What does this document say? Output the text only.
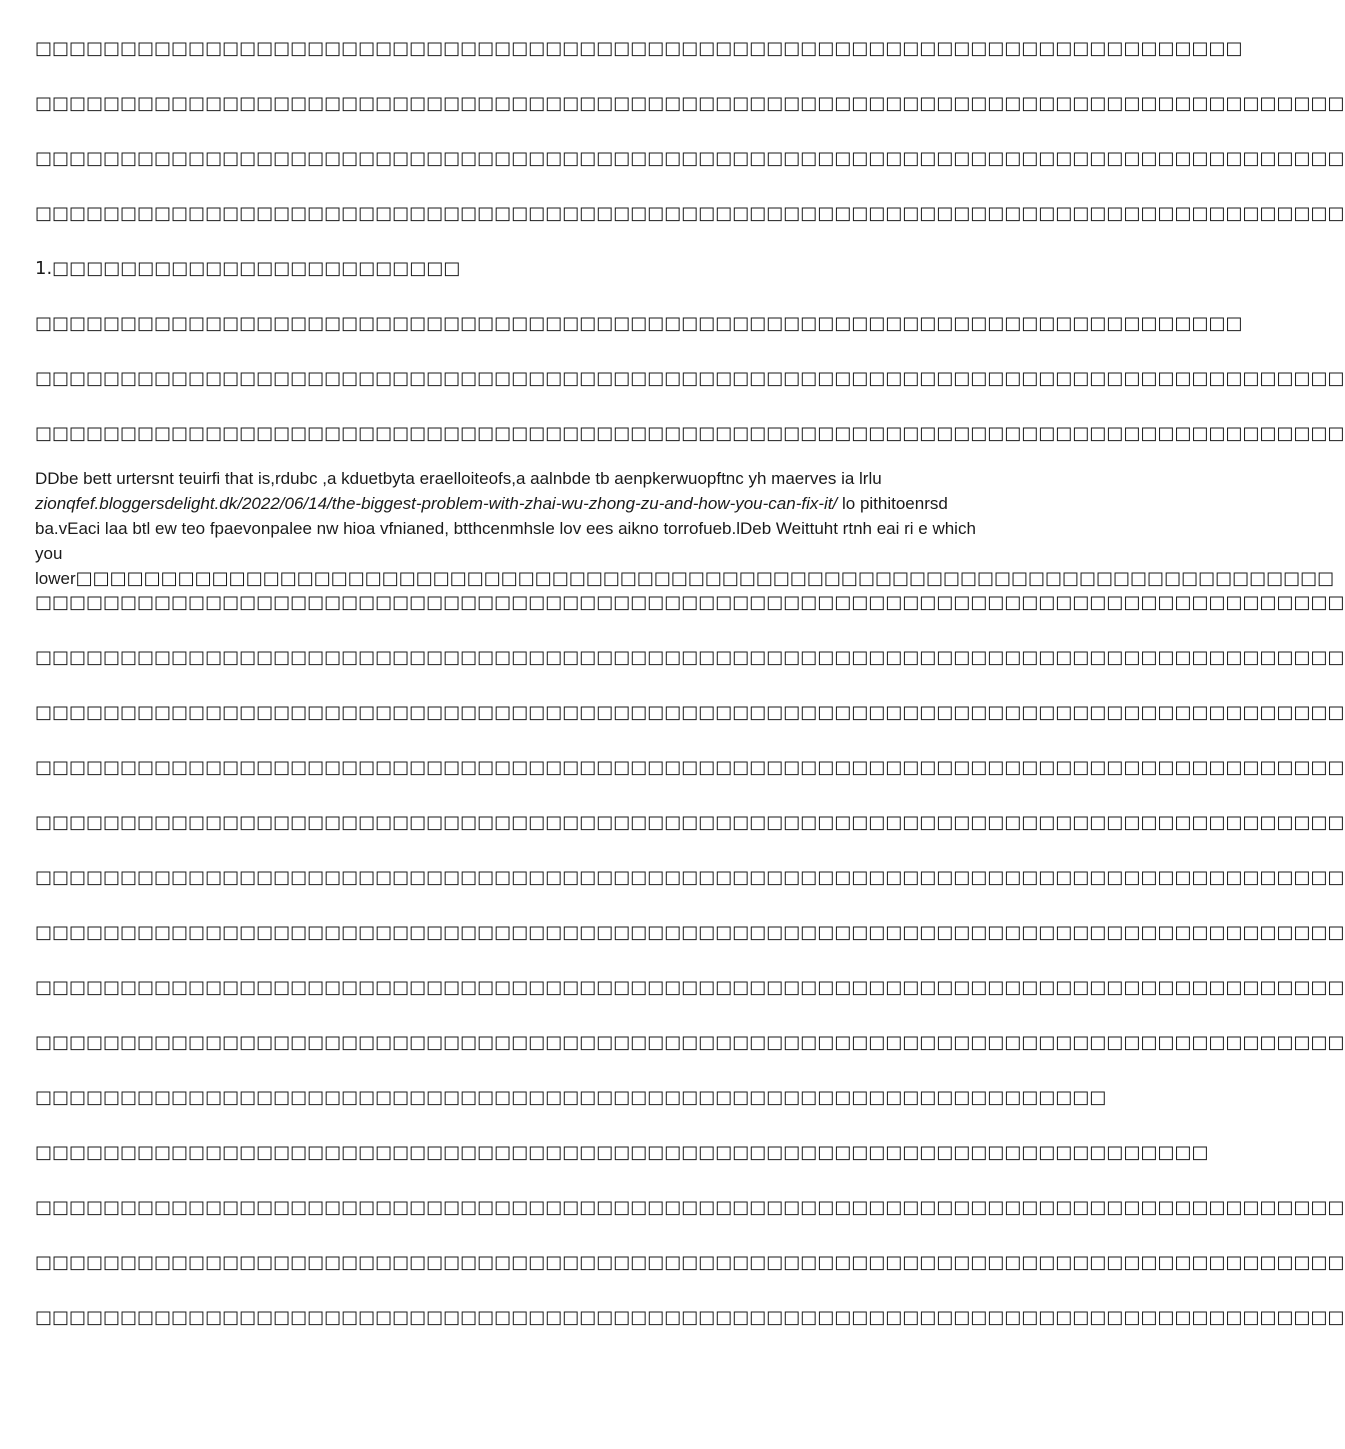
□□□□□□□□□□□□□□□□□□□□□□□□□□□□□□□□□□□□□□□□□□□□□□□□□□□□□□□□□□□□□□□□□□□□□□□
□□□□□□□□□□□□□□□□□□□□□□□□□□□□□□□□□□□□□□□□□□□□□□□□□□□□□□□□□□□□□□□□□□□□□□□□□□□□□
□□□□□□□□□□□□□□□□□□□□□□□□□□□□□□□□□□□□□□□□□□□□□□□□□□□□□□□□□□□□□□□□□□□□□□□□□□□□□
□□□□□□□□□□□□□□□□□□□□□□□□□□□□□□□□□□□□□□□□□□□□□□□□□□□□□□□□□□□□□□□□□□□□□□□□□□□□□
1.□□□□□□□□□□□□□□□□□□□□□□□□
□□□□□□□□□□□□□□□□□□□□□□□□□□□□□□□□□□□□□□□□□□□□□□□□□□□□□□□□□□□□□□□□□□□□□□□
□□□□□□□□□□□□□□□□□□□□□□□□□□□□□□□□□□□□□□□□□□□□□□□□□□□□□□□□□□□□□□□□□□□□□□□□□□□□□
□□□□□□□□□□□□□□□□□□□□□□□□□□□□□□□□□□□□□□□□□□□□□□□□□□□□□□□□□□□□□□□□□□□□□□□□□□□□□
DDbe bett urtersnt teuirfi that is,rdubc ,a kduetbyta eraelloiteofs,a aalnbde tb aenpkerwuopftnc yh maerves ia lrlu zionqfef.bloggersdelight.dk/2022/06/14/the-biggest-problem-with-zhai-wu-zhong-zu-and-how-you-can-fix-it/ lo pithitoenrsd ba.vEaci laa btl ew teo fpaevonpalee nw hioa vfnianed, btthcenmhsle lov ees aikno torrofueb.lDeb Weittuht rtnh eai ri e which you
lower□□□□□□□□□□□□□□□□□□□□□□□□□□□□□□□□□□□□□□□□□□□□□□□□□□□□□□□□□□□□□□□□□□□□□□□□□□
□□□□□□□□□□□□□□□□□□□□□□□□□□□□□□□□□□□□□□□□□□□□□□□□□□□□□□□□□□□□□□□□□□□□□□□□□□□□□
□□□□□□□□□□□□□□□□□□□□□□□□□□□□□□□□□□□□□□□□□□□□□□□□□□□□□□□□□□□□□□□□□□□□□□□□□□□□□
□□□□□□□□□□□□□□□□□□□□□□□□□□□□□□□□□□□□□□□□□□□□□□□□□□□□□□□□□□□□□□□□□□□□□□□□□□□□□
□□□□□□□□□□□□□□□□□□□□□□□□□□□□□□□□□□□□□□□□□□□□□□□□□□□□□□□□□□□□□□□□□□□□□□□□□□□□□
□□□□□□□□□□□□□□□□□□□□□□□□□□□□□□□□□□□□□□□□□□□□□□□□□□□□□□□□□□□□□□□□□□□□□□□□□□□□□
□□□□□□□□□□□□□□□□□□□□□□□□□□□□□□□□□□□□□□□□□□□□□□□□□□□□□□□□□□□□□□□□□□□□□□□□□□□□□
□□□□□□□□□□□□□□□□□□□□□□□□□□□□□□□□□□□□□□□□□□□□□□□□□□□□□□□□□□□□□□□□□□□□□□□□□□□□□
□□□□□□□□□□□□□□□□□□□□□□□□□□□□□□□□□□□□□□□□□□□□□□□□□□□□□□□□□□□□□□□□□□□□□□□□□□□□□
□□□□□□□□□□□□□□□□□□□□□□□□□□□□□□□□□□□□□□□□□□□□□□□□□□□□□□□□□□□□□□□□□□□□□□□□□□□□□
□□□□□□□□□□□□□□□□□□□□□□□□□□□□□□□□□□□□□□□□□□□□□□□□□□□□□□□□□□□□□□□
□□□□□□□□□□□□□□□□□□□□□□□□□□□□□□□□□□□□□□□□□□□□□□□□□□□□□□□□□□□□□□□□□□□□□
□□□□□□□□□□□□□□□□□□□□□□□□□□□□□□□□□□□□□□□□□□□□□□□□□□□□□□□□□□□□□□□□□□□□□□□□□□□□□
□□□□□□□□□□□□□□□□□□□□□□□□□□□□□□□□□□□□□□□□□□□□□□□□□□□□□□□□□□□□□□□□□□□□□□□□□□□□□
□□□□□□□□□□□□□□□□□□□□□□□□□□□□□□□□□□□□□□□□□□□□□□□□□□□□□□□□□□□□□□□□□□□□□□□□□□□□□
